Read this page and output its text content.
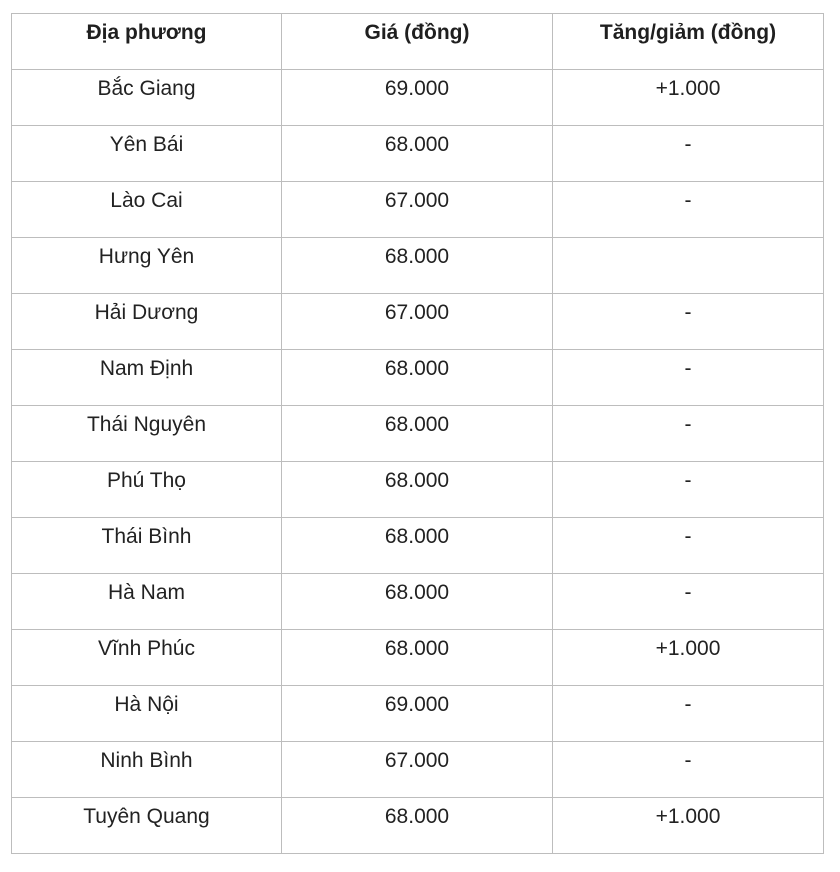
Địa phương	Giá (đồng)	Tăng/giảm (đồng)

Bắc Giang	69.000	+1.000

Yên Bái	68.000	-

Lào Cai	67.000	-

Hưng Yên	68.000	

Hải Dương	67.000	-

Nam Định	68.000	-

Thái Nguyên	68.000	-

Phú Thọ	68.000	-

Thái Bình	68.000	-

Hà Nam	68.000	-

Vĩnh Phúc	68.000	+1.000

Hà Nội	69.000	-

Ninh Bình	67.000	-

Tuyên Quang	68.000	+1.000
